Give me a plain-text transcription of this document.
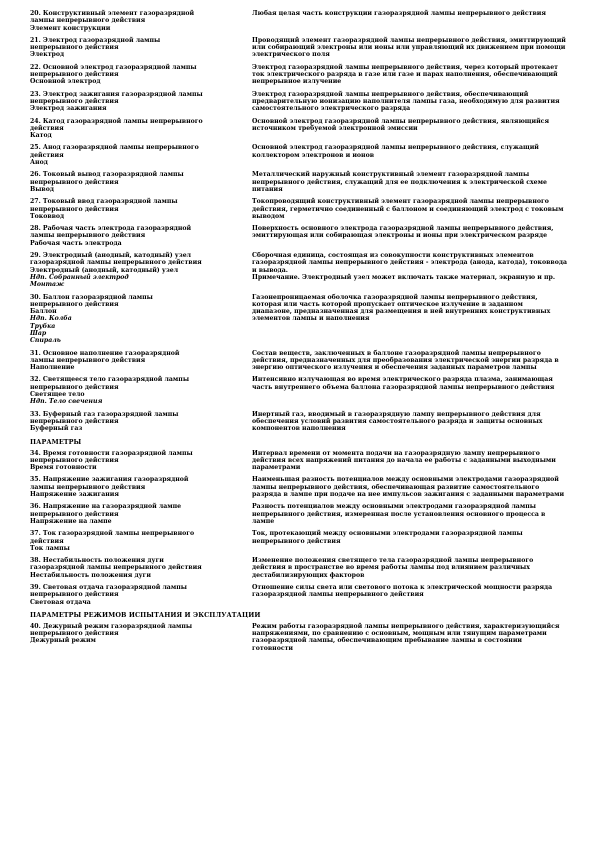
20. Конструктивный элемент газоразрядной
лампы непрерывного действия
Элемент конструкции
Любая целая часть конструкции газоразрядной лампы непрерывного действия
21. Электрод газоразрядной лампы
непрерывного действия
Электрод
Проводящий элемент газоразрядной лампы непрерывного действия, эмиттирующий
или собирающий электроны или ионы или управляющий их движением при помощи
электрического поля
22. Основной электрод газоразрядной лампы
непрерывного действия
Основной электрод
Электрод газоразрядной лампы непрерывного действия, через который протекает
ток электрического разряда в газе или газе и парах наполнения, обеспечивающий
непрерывное излучение
23. Электрод зажигания газоразрядной лампы
непрерывного действия
Электрод зажигания
Электрод газоразрядной лампы непрерывного действия, обеспечивающий
предварительную ионизацию наполнителя лампы газа, необходимую для развития
самостоятельного электрического разряда
24. Катод газоразрядной лампы непрерывного
действия
Катод
Основной электрод газоразрядной лампы непрерывного действия, являющийся
источником требуемой электронной эмиссии
25. Анод газоразрядной лампы непрерывного
действия
Анод
Основной электрод газоразрядной лампы непрерывного действия, служащий
коллектором электронов и ионов
26. Токовый вывод газоразрядной лампы
непрерывного действия
Вывод
Металлический наружный конструктивный элемент газоразрядной лампы
непрерывного действия, служащий для ее подключения к электрической схеме
питания
27. Токовый ввод газоразрядной лампы
непрерывного действия
Токоввод
Токопроводящий конструктивный элемент газоразрядной лампы непрерывного
действия, герметично соединенный с баллоном и соединяющий электрод с токовым
выводом
28. Рабочая часть электрода газоразрядной
лампы непрерывного действия
Рабочая часть электрода
Поверхность основного электрода газоразрядной лампы непрерывного действия,
эмиттирующая или собирающая электроны и ионы при электрическом разряде
29. Электродный (анодный, катодный) узел
газоразрядной лампы непрерывного действия
Электродный (анодный, катодный) узел
Ндп. Собранный электрод
Монтаж
Сборочная единица, состоящая из совокупности конструктивных элементов
газоразрядной лампы непрерывного действия - электрода (анода, катода), токоввода
и вывода.
Примечание. Электродный узел может включать также материал, экранную и пр.
30. Баллон газоразрядной лампы
непрерывного действия
Баллон
Ндп. Колба
Трубка
Шар
Спираль
Газонепроницаемая оболочка газоразрядной лампы непрерывного действия,
которая или часть которой пропускает оптическое излучение в заданном
диапазоне, предназначенная для размещения в ней внутренних конструктивных
элементов лампы и наполнения
31. Основное наполнение газоразрядной
лампы непрерывного действия
Наполнение
Состав веществ, заключенных в баллоне газоразрядной лампы непрерывного
действия, предназначенных для преобразования электрической энергии разряда в
энергию оптического излучения и обеспечения заданных параметров лампы
32. Светящееся тело газоразрядной лампы
непрерывного действия
Светящее тело
Ндп. Тело свечения
Интенсивно излучающая во время электрического разряда плазма, занимающая
часть внутреннего объема баллона газоразрядной лампы непрерывного действия
33. Буферный газ газоразрядной лампы
непрерывного действия
Буферный газ
Инертный газ, вводимый в газоразрядную лампу непрерывного действия для
обеспечения условий развития самостоятельного разряда и защиты основных
компонентов наполнения
ПАРАМЕТРЫ
34. Время готовности газоразрядной лампы
непрерывного действия
Время готовности
Интервал времени от момента подачи на газоразрядную лампу непрерывного
действия всех напряжений питания до начала ее работы с заданными выходными
параметрами
35. Напряжение зажигания газоразрядной
лампы непрерывного действия
Напряжение зажигания
Наименьшая разность потенциалов между основными электродами газоразрядной
лампы непрерывного действия, обеспечивающая развитие самостоятельного
разряда в лампе при подаче на нее импульсов зажигания с заданными параметрами
36. Напряжение на газоразрядной лампе
непрерывного действия
Напряжение на лампе
Разность потенциалов между основными электродами газоразрядной лампы
непрерывного действия, измеренная после установления основного процесса в
лампе
37. Ток газоразрядной лампы непрерывного
действия
Ток лампы
Ток, протекающий между основными электродами газоразрядной лампы
непрерывного действия
38. Нестабильность положения дуги
газоразрядной лампы непрерывного действия
Нестабильность положения дуги
Изменение положения светящего тела газоразрядной лампы непрерывного
действия в пространстве во время работы лампы под влиянием различных
дестабилизирующих факторов
39. Световая отдача газоразрядной лампы
непрерывного действия
Световая отдача
Отношение силы света или светового потока к электрической мощности разряда
газоразрядной лампы непрерывного действия
ПАРАМЕТРЫ РЕЖИМОВ ИСПЫТАНИЯ И ЭКСПЛУАТАЦИИ
40. Дежурный режим газоразрядной лампы
непрерывного действия
Дежурный режим
Режим работы газоразрядной лампы непрерывного действия, характеризующийся
напряжениями, по сравнению с основным, мощным или тянущим параметрами
газоразрядной лампы, обеспечивающим пребывание лампы в состоянии
готовности
